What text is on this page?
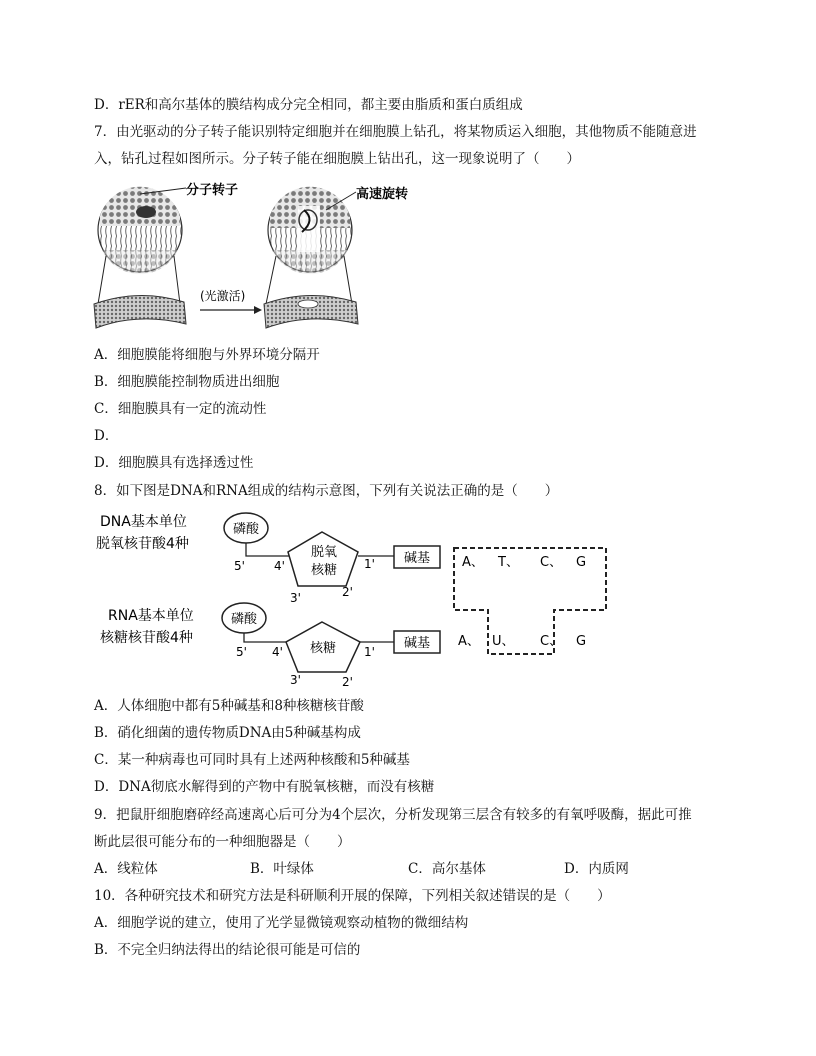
D．rER和高尔基体的膜结构成分完全相同，都主要由脂质和蛋白质组成
7．由光驱动的分子转子能识别特定细胞并在细胞膜上钻孔，将某物质运入细胞，其他物质不能随意进
入，钻孔过程如图所示。分子转子能在细胞膜上钻出孔，这一现象说明了（　　）
分子转子
(光激活)
高速旋转
A．细胞膜能将细胞与外界环境分隔开
B．细胞膜能控制物质进出细胞
C．细胞膜具有一定的流动性
D．
D．细胞膜具有选择透过性
8．如下图是DNA和RNA组成的结构示意图，下列有关说法正确的是（　　）
DNA基本单位
脱氧核苷酸4种
磷酸
5' 4'
脱氧
核糖
3'	2'
1' 碱基 A、 T、 C、 G
RNA基本单位
核糖核苷酸4种
磷酸
5' 4' 核糖
3'	2'
1'
碱基 A、 U、 C、 G
A．人体细胞中都有5种碱基和8种核糖核苷酸
B．硝化细菌的遗传物质DNA由5种碱基构成
C．某一种病毒也可同时具有上述两种核酸和5种碱基
D．DNA彻底水解得到的产物中有脱氧核糖，而没有核糖
9．把鼠肝细胞磨碎经高速离心后可分为4个层次，分析发现第三层含有较多的有氧呼吸酶，据此可推
断此层很可能分布的一种细胞器是（　　）
A．线粒体	B．叶绿体	C．高尔基体	D．内质网
10．各种研究技术和研究方法是科研顺利开展的保障，下列相关叙述错误的是（　　）
A．细胞学说的建立，使用了光学显微镜观察动植物的微细结构
B．不完全归纳法得出的结论很可能是可信的
